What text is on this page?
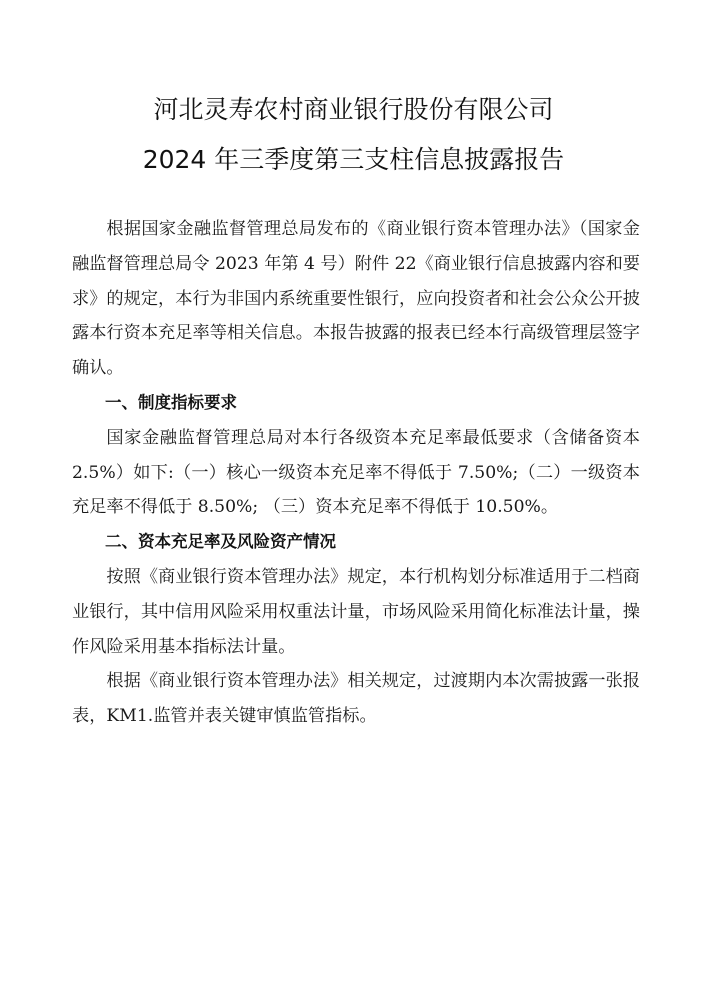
河北灵寿农村商业银行股份有限公司
2024 年三季度第三支柱信息披露报告

根据国家金融监督管理总局发布的《商业银行资本管理办法》（国家金融监督管理总局令 2023 年第 4 号）附件 22《商业银行信息披露内容和要求》的规定，本行为非国内系统重要性银行，应向投资者和社会公众公开披露本行资本充足率等相关信息。本报告披露的报表已经本行高级管理层签字确认。

一、制度指标要求

国家金融监督管理总局对本行各级资本充足率最低要求（含储备资本 2.5%）如下:（一）核心一级资本充足率不得低于 7.50%;（二）一级资本充足率不得低于 8.50%; （三）资本充足率不得低于 10.50%。

二、资本充足率及风险资产情况

按照《商业银行资本管理办法》规定，本行机构划分标准适用于二档商业银行，其中信用风险采用权重法计量，市场风险采用简化标准法计量，操作风险采用基本指标法计量。

根据《商业银行资本管理办法》相关规定，过渡期内本次需披露一张报表，KM1.监管并表关键审慎监管指标。
